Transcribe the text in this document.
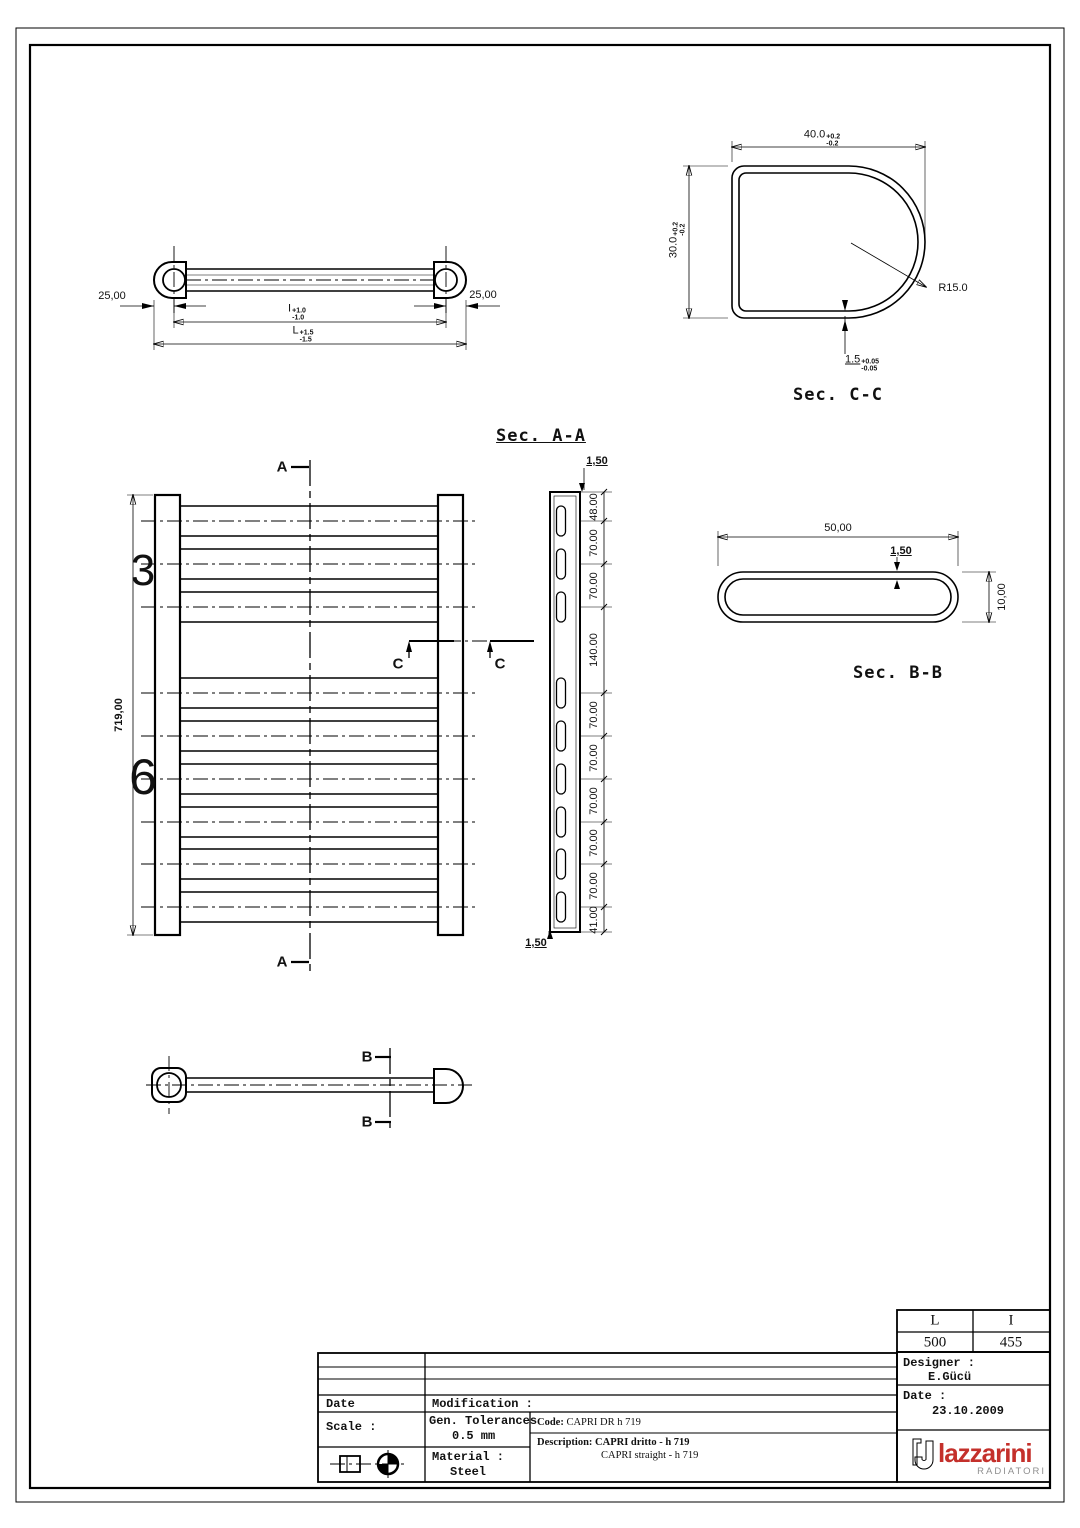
25,00	25,00
I +1.0
-1.0
L +1.5
-1.5
40.0 +0.2
-0.2
30.0
+0.2 -0.2
R15.0
1.5 +0.05
-0.05
Sec. C-C
Sec. A-A
1,50
48.00
70.00
70.00
140.00
70.00
70.00
70.00
70.00
70.00
41.00
1,50
3
6
719,00
A
A
C	C
50,00
1,50
10,00
Sec. B-B
B
B
Date	Modification :
Scale :	Gen. Tolerances
0.5 mm
Material :
Steel
Code: CAPRI DR h 719
Description: CAPRI dritto - h 719
CAPRI straight - h 719
L	I
500	455
Designer :
E.Gücü
Date :
23.10.2009
lazzarini
RADIATORI
